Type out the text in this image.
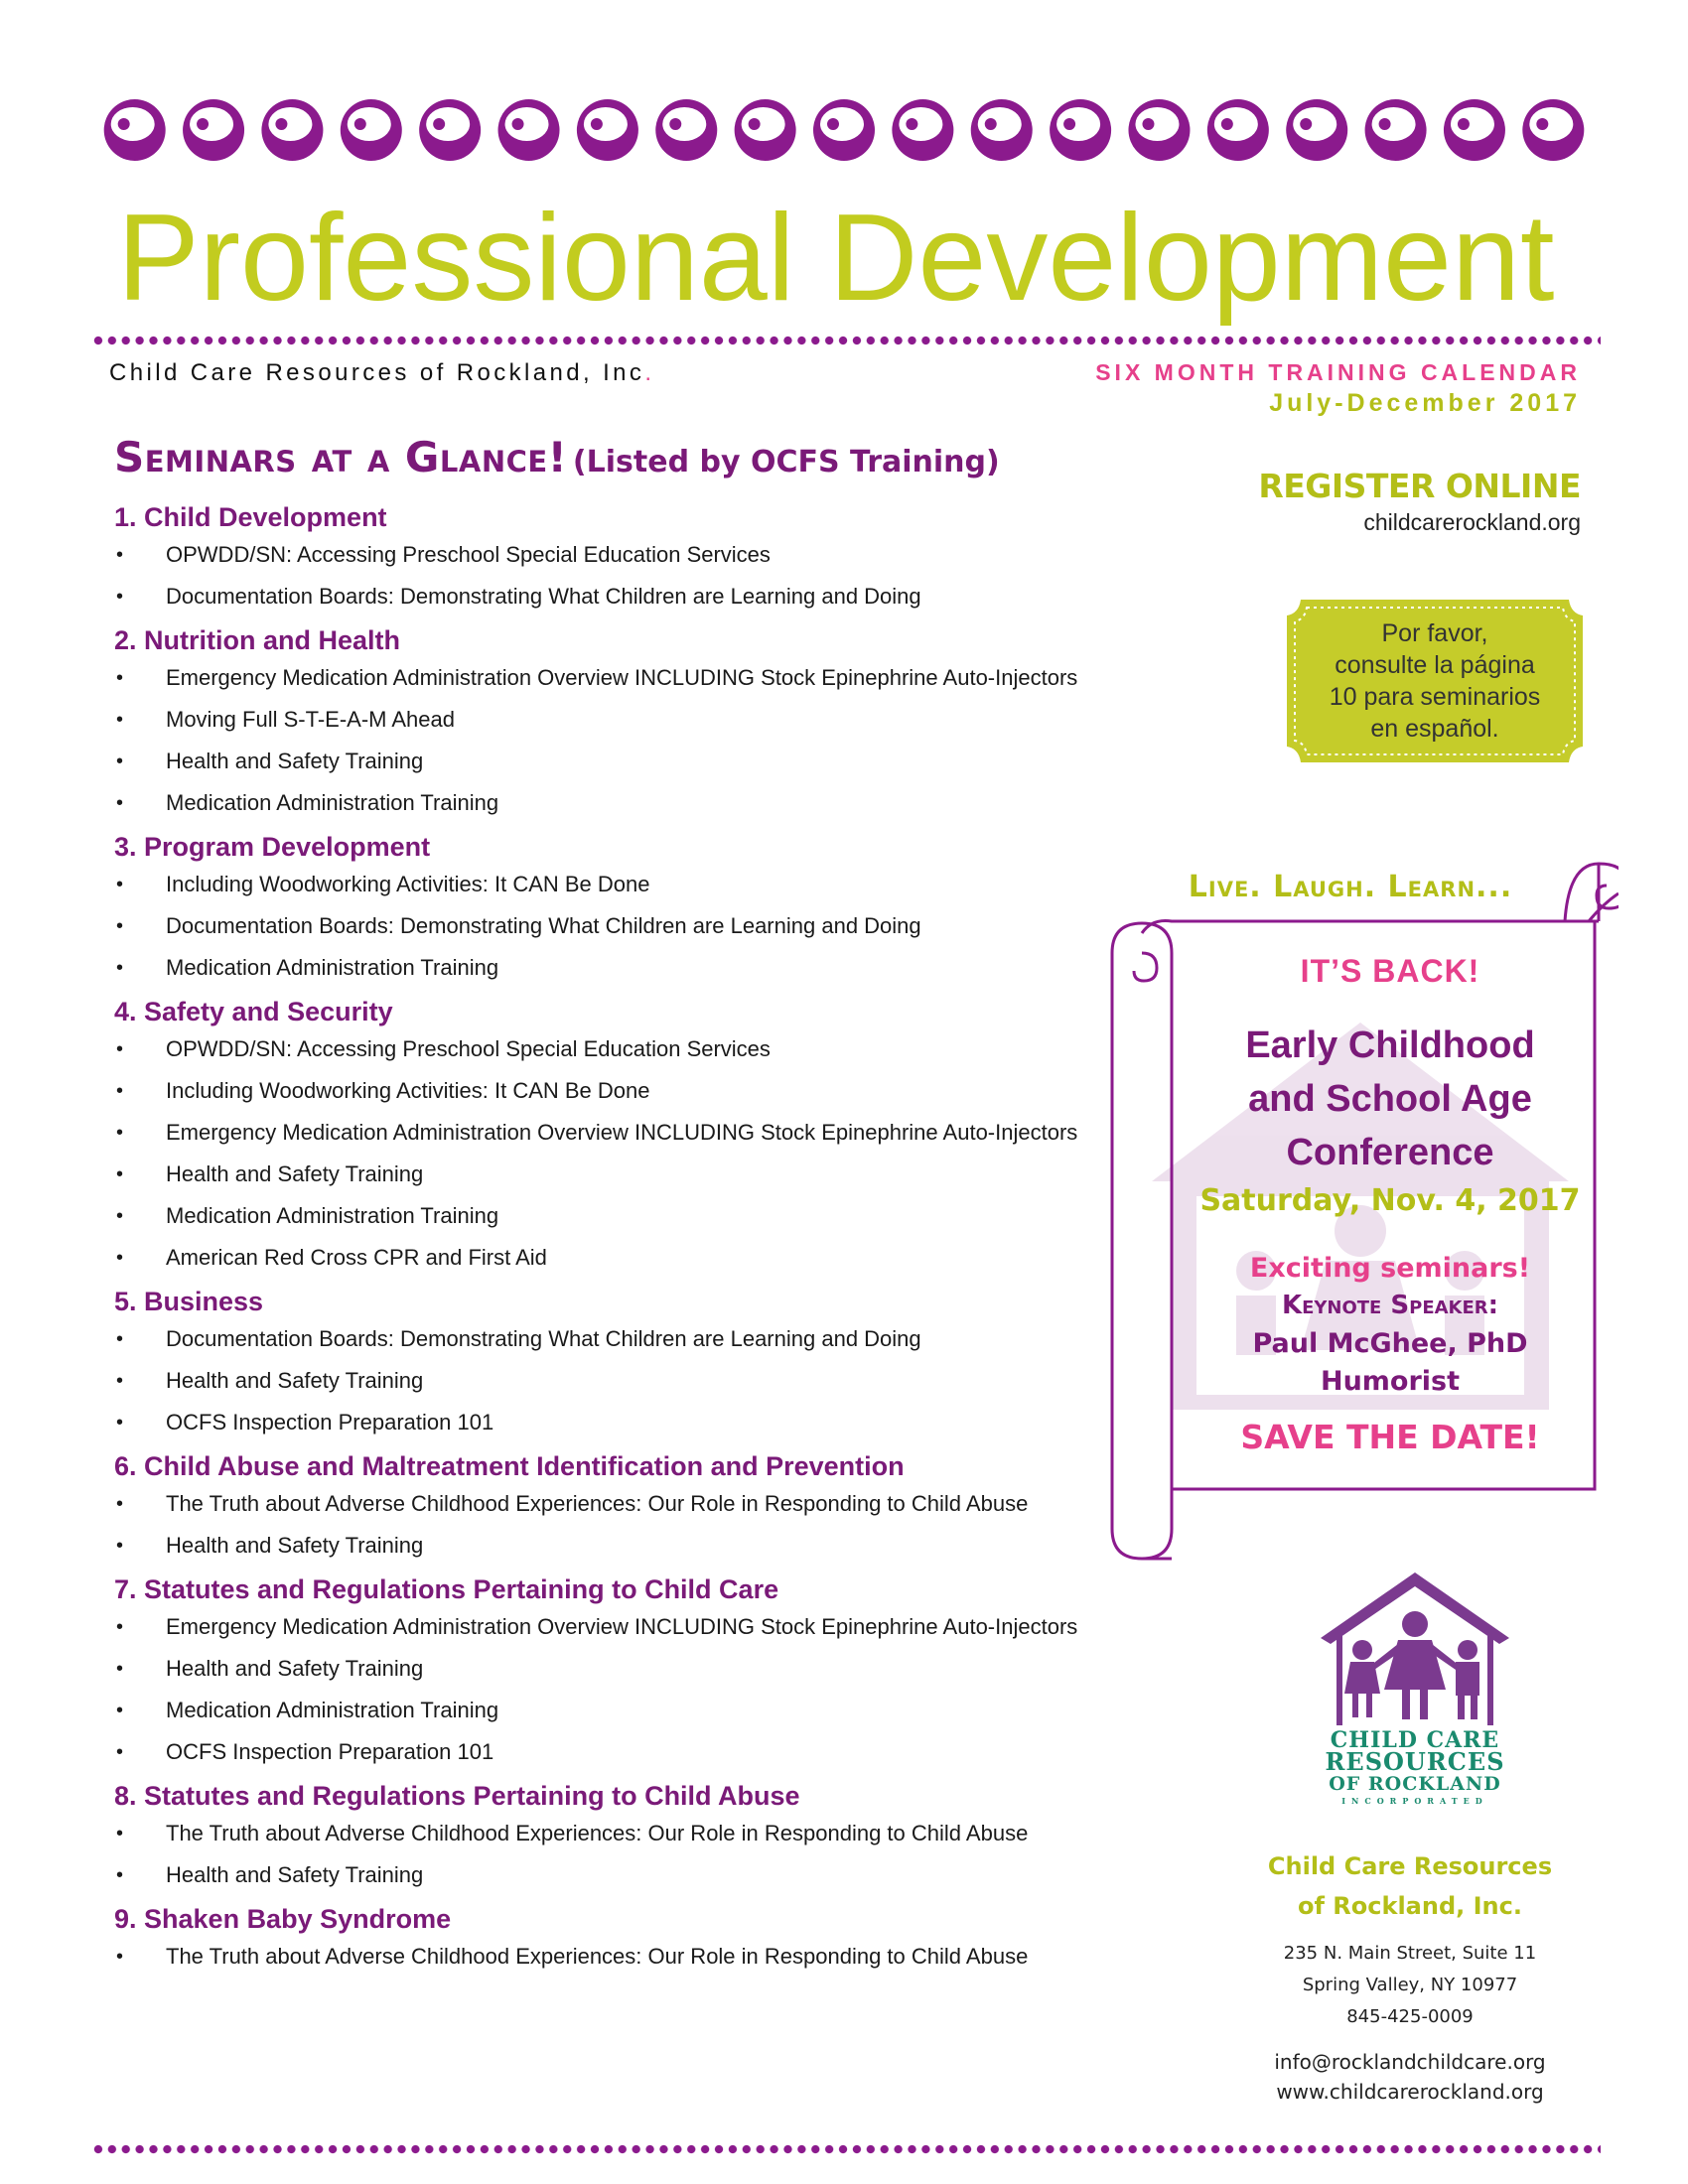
Professional Development
Child Care Resources of Rockland, Inc.	SIX MONTH TRAINING CALENDAR
July-December 2017
Seminars at a Glance! (Listed by OCFS Training)
1. Child Development
•	OPWDD/SN: Accessing Preschool Special Education Services
•	Documentation Boards: Demonstrating What Children are Learning and Doing
2. Nutrition and Health
•	Emergency Medication Administration Overview INCLUDING Stock Epinephrine Auto-Injectors
•	Moving Full S-T-E-A-M Ahead
•	Health and Safety Training
•	Medication Administration Training
3. Program Development
•	Including Woodworking Activities: It CAN Be Done
•	Documentation Boards: Demonstrating What Children are Learning and Doing
•	Medication Administration Training
4. Safety and Security
•	OPWDD/SN: Accessing Preschool Special Education Services
•	Including Woodworking Activities: It CAN Be Done
•	Emergency Medication Administration Overview INCLUDING Stock Epinephrine Auto-Injectors
•	Health and Safety Training
•	Medication Administration Training
•	American Red Cross CPR and First Aid
5. Business
•	Documentation Boards: Demonstrating What Children are Learning and Doing
•	Health and Safety Training
•	OCFS Inspection Preparation 101
6. Child Abuse and Maltreatment Identification and Prevention
•	The Truth about Adverse Childhood Experiences: Our Role in Responding to Child Abuse
•	Health and Safety Training
7. Statutes and Regulations Pertaining to Child Care
•	Emergency Medication Administration Overview INCLUDING Stock Epinephrine Auto-Injectors
•	Health and Safety Training
•	Medication Administration Training
•	OCFS Inspection Preparation 101
8. Statutes and Regulations Pertaining to Child Abuse
•	The Truth about Adverse Childhood Experiences: Our Role in Responding to Child Abuse
•	Health and Safety Training
9. Shaken Baby Syndrome
•	The Truth about Adverse Childhood Experiences: Our Role in Responding to Child Abuse
REGISTER ONLINE
childcarerockland.org
Por favor,
consulte la página
10 para seminarios
en español.
Live. Laugh. Learn...
IT’S BACK!
Early Childhood
and School Age
Conference
Saturday, Nov. 4, 2017
Exciting seminars!
Keynote Speaker:
Paul McGhee, PhD
Humorist
SAVE THE DATE!
CHILD CARE
RESOURCES
OF ROCKLAND
INCORPORATED
Child Care Resources
of Rockland, Inc.
235 N. Main Street, Suite 11
Spring Valley, NY 10977
845-425-0009
info@rocklandchildcare.org
www.childcarerockland.org
